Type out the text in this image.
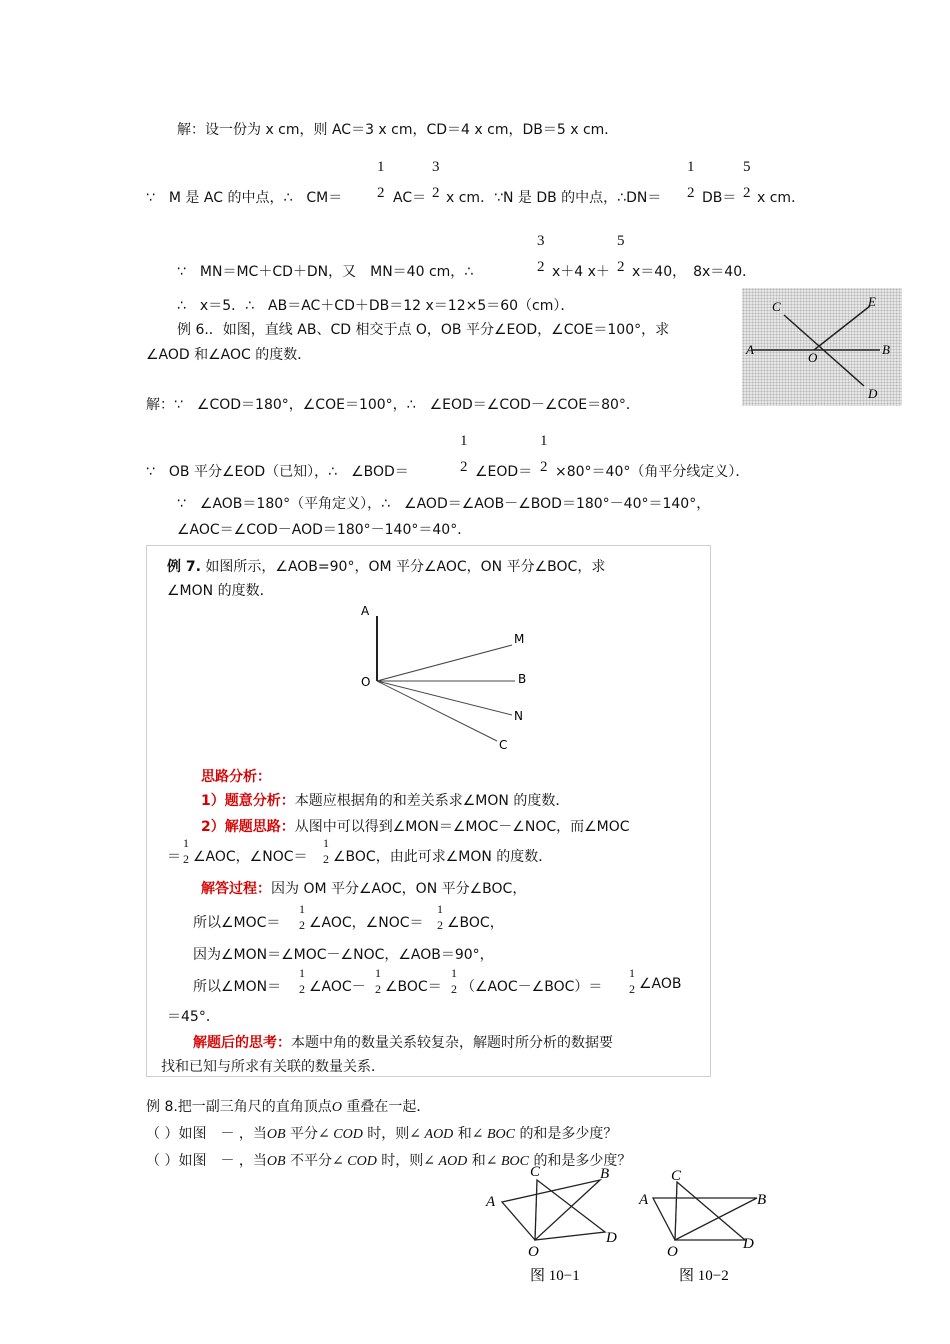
解：设一份为 x cm，则 AC＝3 x cm，CD＝4 x cm，DB＝5 x cm．
∵　M 是 AC 的中点，∴　CM＝
1
2 AC＝
3
2 x cm．∵N 是 DB 的中点，∴DN＝
1
2 DB＝
5
2 x cm．
∵　MN＝MC＋CD＋DN，又　MN＝40 cm，∴
3
2 x＋4 x＋
5
2 x＝40，　8x＝40．
∴　x＝5．∴　AB＝AC＋CD＋DB＝12 x＝12×5＝60（cm）．
例 6.．如图，直线 AB、CD 相交于点 O，OB 平分∠EOD，∠COE＝100°，求
∠AOD 和∠AOC 的度数．
C	E
A
O
B
D
解：∵　∠COD＝180°，∠COE＝100°，∴　∠EOD＝∠COD－∠COE＝80°．
∵　OB 平分∠EOD（已知），∴　∠BOD＝
1
2 ∠EOD＝
1
2 ×80°＝40°（角平分线定义）．
∵　∠AOB＝180°（平角定义），∴　∠AOD＝∠AOB－∠BOD＝180°－40°＝140°，
∠AOC＝∠COD－AOD＝180°－140°＝40°．
例 7. 如图所示，∠AOB=90°，OM 平分∠AOC，ON 平分∠BOC，求
∠MON 的度数．
A
M
O	B
N
C
思路分析：
1）题意分析：本题应根据角的和差关系求∠MON 的度数．
2）解题思路：从图中可以得到∠MON＝∠MOC－∠NOC，而∠MOC
＝
1
2 ∠AOC，∠NOC＝
1
2 ∠BOC，由此可求∠MON 的度数．
解答过程：因为 OM 平分∠AOC，ON 平分∠BOC，
所以∠MOC＝
1
2 ∠AOC，∠NOC＝
1
2 ∠BOC，
因为∠MON＝∠MOC－∠NOC，∠AOB＝90°，
所以∠MON＝
1
2 ∠AOC－
1
2 ∠BOC＝
1
2 （∠AOC－∠BOC）＝
1
2 ∠AOB
＝45°．
解题后的思考：本题中角的数量关系较复杂，解题时所分析的数据要
找和已知与所求有关联的数量关系．
例 8.把一副三角尺的直角顶点O 重叠在一起．
（ ）如图　－ ，当OB 平分∠ COD 时，则∠ AOD 和∠ BOC 的和是多少度？
（ ）如图　－ ，当OB 不平分∠ COD 时，则∠ AOD 和∠ BOC 的和是多少度？
A
B
C
D
O
图 10−1
A	B
C
D
O
图 10−2
